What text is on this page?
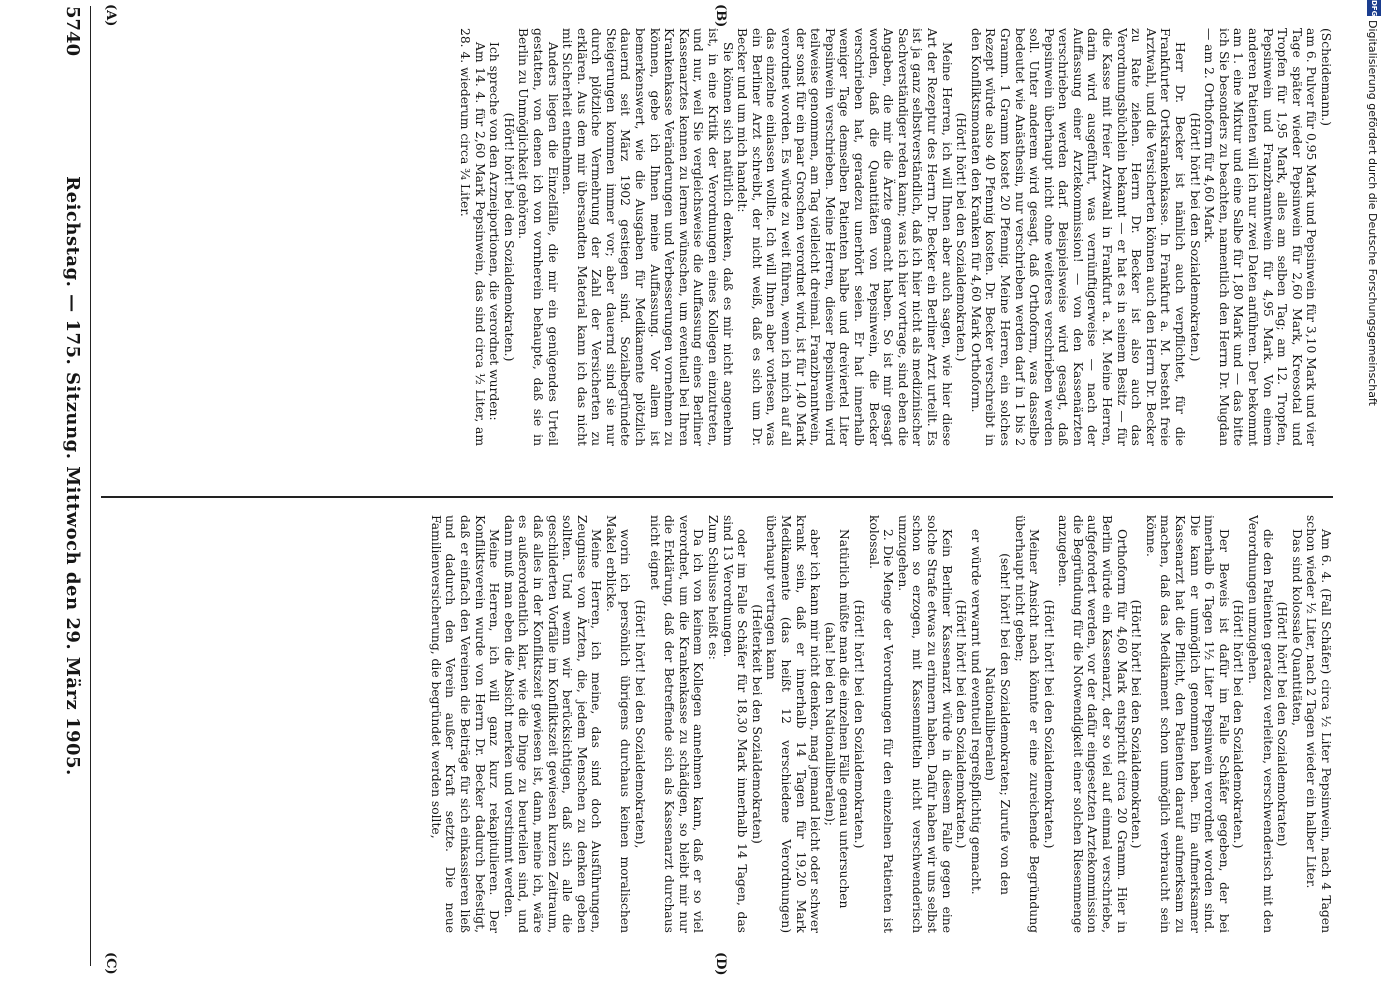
5740
Reichstag. — 175. Sitzung. Mittwoch den 29. März 1905.
(A)	(B)
(C)	(D)

(Scheidemann.)

am 6. Pulver für 0,95 Mark und Pepsinwein für 3,10 Mark und vier Tage später wieder Pepsinwein für 2,60 Mark, Kreosotal und Tropfen für 1,95 Mark, alles am selben Tag; am 12. Tropfen, Pepsinwein und Franzbranntwein für 4,95 Mark. Von einem anderen Patienten will ich nur zwei Daten anführen. Der bekommt am 1. eine Mixtur und eine Salbe für 1,80 Mark und — das bitte ich Sie besonders zu beachten, namentlich den Herrn Dr. Mugdan — am 2. Orthoform für 4,60 Mark.

(Hört! hört! bei den Sozialdemokraten.)

Herr Dr. Becker ist nämlich auch verpflichtet, für die Frankfurter Ortskrankenkasse. In Frankfurt a. M. besteht freie Arztwahl, und die Versicherten können auch den Herrn Dr. Becker zu Rate ziehen. Herrn Dr. Becker ist also auch das Verordnungsbüchlein bekannt — er hat es in seinem Besitz — für die Kasse mit freier Arztwahl in Frankfurt a. M. Meine Herren, darin wird ausgeführt, was vernünftigerweise — nach der Auffassung einer Arztekommission! — von den Kassenärzten verschrieben werden darf. Beispielsweise wird gesagt, daß Pepsinwein überhaupt nicht ohne weiteres verschrieben werden soll. Unter anderem wird gesagt, daß Orthoform, was dasselbe bedeutet wie Anästhesin, nur verschrieben werden darf in 1 bis 2 Gramm. 1 Gramm kostet 20 Pfennig. Meine Herren, ein solches Rezept würde also 40 Pfennig kosten. Dr. Becker verschreibt in den Konfliktsmonaten den Kranken für 4,60 Mark Orthoform.

(Hört! hört! bei den Sozialdemokraten.)

Meine Herren, ich will Ihnen aber auch sagen, wie hier diese Art der Rezeptur des Herrn Dr. Becker ein Berliner Arzt urteilt. Es ist ja ganz selbstverständlich, daß ich hier nicht als medizinischer Sachverständiger reden kann; was ich hier vortrage, sind eben die Angaben, die mir die Ärzte gemacht haben. So ist mir gesagt worden, daß die Quantitäten von Pepsinwein, die Becker verschrieben hat, geradezu unerhört seien. Er hat innerhalb weniger Tage demselben Patienten halbe und dreiviertel Liter Pepsinwein verschrieben. Meine Herren, dieser Pepsinwein wird teilweise genommen, am Tag vielleicht dreimal. Franzbranntwein, der sonst für ein paar Groschen verordnet wird, ist für 1,40 Mark verordnet worden. Es würde zu weit führen, wenn ich mich auf all das einzelne einlassen wollte. Ich will Ihnen aber vorlesen, was ein Berliner Arzt schreibt, der nicht weiß, daß es sich um Dr. Becker und um mich handelt:

Sie können sich natürlich denken, daß es mir nicht angenehm ist, in eine Kritik der Verordnungen eines Kollegen einzutreten, und nur, weil Sie vergleichsweise die Auffassung eines Berliner Kassenarztes kennen zu lernen wünschen, um eventuell bei Ihren Krankenkasse Veränderungen und Verbesserungen vornehmen zu können, gebe ich Ihnen meine Auffassung. Vor allem ist bemerkenswert, wie die Ausgaben für Medikamente plötzlich dauernd seit März 1902 gestiegen sind. Sozialbegründete Steigerungen kommen immer vor; aber dauernd sind sie nur durch plötzliche Vermehrung der Zahl der Versicherten zu erklären. Aus dem mir übersandten Material kann ich das nicht mit Sicherheit entnehmen.

Anders liegen die Einzelfälle, die mir ein genügendes Urteil gestatten, von denen ich von vornherein behaupte, daß sie in Berlin zu Unmöglichkeit gehören.

(Hört! hört! bei den Sozialdemokraten.)

Ich spreche von den Arzneiportionen, die verordnet wurden:

Am 14. 4. für 2,60 Mark Pepsinwein, das sind circa ½ Liter, am 28. 4. wiederum circa ¾ Liter.

Am 6. 4. (Fall Schäfer) circa ½ Liter Pepsinwein, nach 4 Tagen schon wieder ½ Liter, nach 2 Tagen wieder ein halber Liter.

Das sind kolossale Quantitäten,

(Hört! hört! bei den Sozialdemokraten)

die den Patienten geradezu verleiten, verschwenderisch mit den Verordnungen umzugehen.

(Hört! hört! bei den Sozialdemokraten.)

Der Beweis ist dafür im Falle Schäfer gegeben, der bei innerhalb 6 Tagen 1½ Liter Pepsinwein verordnet worden sind. Die kann er unmöglich genommen haben. Ein aufmerksamer Kassenarzt hat die Pflicht, den Patienten darauf aufmerksam zu machen, daß das Medikament schon unmöglich verbraucht sein könne.

(Hört! hört! bei den Sozialdemokraten.)

Orthoform für 4,60 Mark entspricht circa 20 Gramm. Hier in Berlin würde ein Kassenarzt, der so viel auf einmal verschriebe, aufgefordert werden, vor der dafür eingesetzten Arztekommission die Begründung für die Notwendigkeit einer solchen Riesenmenge anzugeben.

(Hört! hört! bei den Sozialdemokraten.)

Meiner Ansicht nach könnte er eine zureichende Begründung überhaupt nicht geben;

(sehr! hört! bei den Sozialdemokraten; Zurufe von den Nationalliberalen)

er würde verwarnt und eventuell regreßpflichtig gemacht.

(Hört! hört! bei den Sozialdemokraten.)

Kein Berliner Kassenarzt würde in diesem Falle gegen eine solche Strafe etwas zu erinnern haben. Dafür haben wir uns selbst schon so erzogen, mit Kassenmitteln nicht verschwenderisch umzugehen.

2. Die Menge der Verordnungen für den einzelnen Patienten ist kolossal.

(Hört! hört! bei den Sozialdemokraten.)

Natürlich müßte man die einzelnen Fälle genau untersuchen

(aha! bei den Nationalliberalen);

aber ich kann mir nicht denken, mag jemand leicht oder schwer krank sein, daß er innerhalb 14 Tagen für 19,20 Mark Medikamente (das heißt 12 verschiedene Verordnungen) überhaupt vertragen kann

(Heiterkeit bei den Sozialdemokraten)

oder im Falle Schäfer für 18,30 Mark innerhalb 14 Tagen, das sind 13 Verordnungen.

Zum Schlusse heißt es:

Da ich von keinem Kollegen annehmen kann, daß er so viel verordnet, um die Krankenkasse zu schädigen, so bleibt mir nur die Erklärung, daß der Betreffende sich als Kassenarzt durchaus nicht eignet

(Hört! hört! bei den Sozialdemokraten),

worin ich persönlich übrigens durchaus keinen moralischen Makel erblicke.

Meine Herren, ich meine, das sind doch Ausführungen, Zeugnisse von Ärzten, die, jedem Menschen zu denken geben sollten. Und wenn wir berücksichtigen, daß sich alle die geschilderten Vorfälle im Konfliktszeit gewiesen kurzen Zeitraum, daß alles in der Konfliktszeit gewiesen ist, dann, meine ich, wäre es außerordentlich klar, wie die Dinge zu beurteilen sind, und dann muß man eben die Absicht merken und verstimmt werden.

Meine Herren, ich will ganz kurz rekapitulieren. Der Konfliktsverein wurde von Herrn Dr. Becker dadurch befestigt, daß er einfach den Vereinen die Beiträge für sich einkassieren ließ und dadurch den Verein außer Kraft setzte. Die neue Familienversicherung, die begründet werden sollte,

DFG
Digitalisierung gefördert durch die Deutsche Forschungsgemeinschaft
